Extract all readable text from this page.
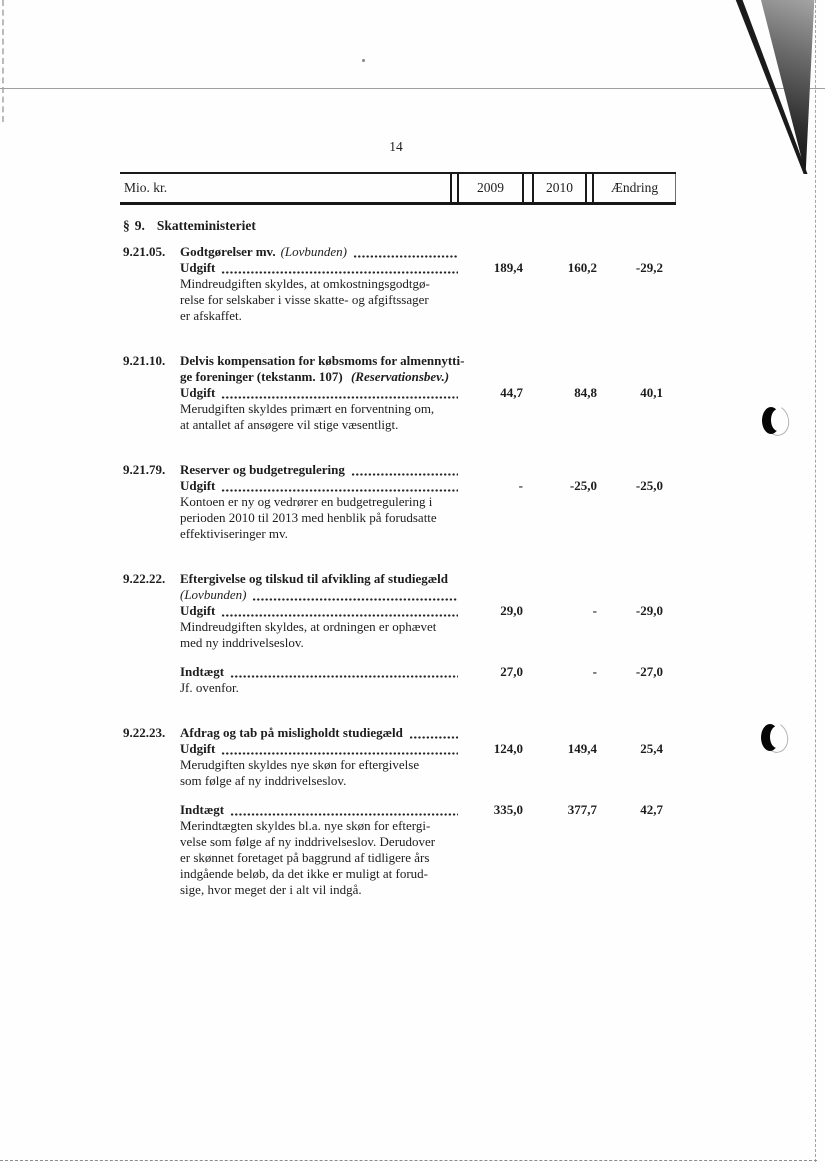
14
Mio. kr.	2009	2010	Ændring
§ 9. Skatteministeriet
9.21.05.	Godtgørelser mv. (Lovbunden)
Udgift	189,4	160,2	-29,2
Mindreudgiften skyldes, at omkostningsgodtgø-
relse for selskaber i visse skatte- og afgiftssager
er afskaffet.
9.21.10.	Delvis kompensation for købsmoms for almennytti-
ge foreninger (tekstanm. 107) (Reservationsbev.)
Udgift	44,7	84,8	40,1
Merudgiften skyldes primært en forventning om,
at antallet af ansøgere vil stige væsentligt.
9.21.79.	Reserver og budgetregulering
Udgift	-	-25,0	-25,0
Kontoen er ny og vedrører en budgetregulering i
perioden 2010 til 2013 med henblik på forudsatte
effektiviseringer mv.
9.22.22.	Eftergivelse og tilskud til afvikling af studiegæld
(Lovbunden)
Udgift	29,0	-	-29,0
Mindreudgiften skyldes, at ordningen er ophævet
med ny inddrivelseslov.
Indtægt	27,0	-	-27,0
Jf. ovenfor.
9.22.23.	Afdrag og tab på misligholdt studiegæld
Udgift	124,0	149,4	25,4
Merudgiften skyldes nye skøn for eftergivelse
som følge af ny inddrivelseslov.
Indtægt	335,0	377,7	42,7
Merindtægten skyldes bl.a. nye skøn for eftergi-
velse som følge af ny inddrivelseslov. Derudover
er skønnet foretaget på baggrund af tidligere års
indgående beløb, da det ikke er muligt at forud-
sige, hvor meget der i alt vil indgå.
